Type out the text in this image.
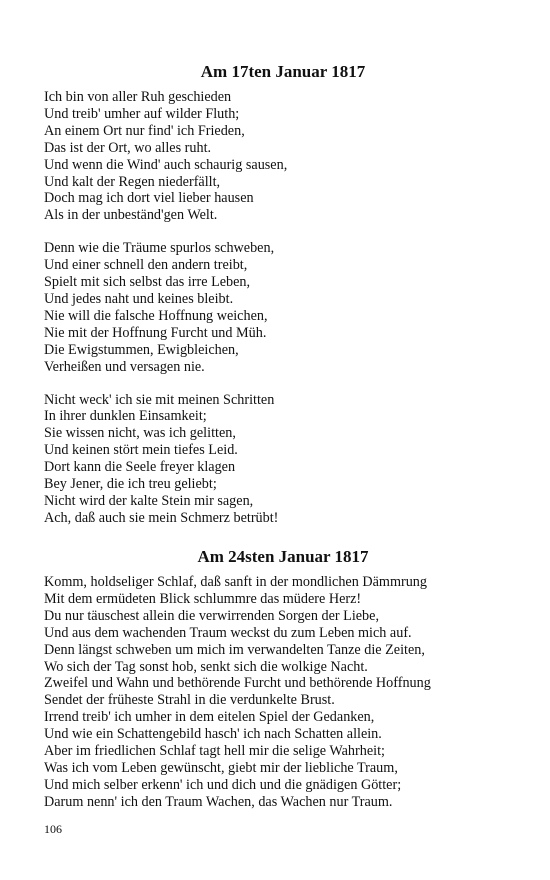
Am 17ten Januar 1817
Ich bin von aller Ruh geschieden
Und treib' umher auf wilder Fluth;
An einem Ort nur find' ich Frieden,
Das ist der Ort, wo alles ruht.
Und wenn die Wind' auch schaurig sausen,
Und kalt der Regen niederfällt,
Doch mag ich dort viel lieber hausen
Als in der unbeständ'gen Welt.
Denn wie die Träume spurlos schweben,
Und einer schnell den andern treibt,
Spielt mit sich selbst das irre Leben,
Und jedes naht und keines bleibt.
Nie will die falsche Hoffnung weichen,
Nie mit der Hoffnung Furcht und Müh.
Die Ewigstummen, Ewigbleichen,
Verheißen und versagen nie.
Nicht weck' ich sie mit meinen Schritten
In ihrer dunklen Einsamkeit;
Sie wissen nicht, was ich gelitten,
Und keinen stört mein tiefes Leid.
Dort kann die Seele freyer klagen
Bey Jener, die ich treu geliebt;
Nicht wird der kalte Stein mir sagen,
Ach, daß auch sie mein Schmerz betrübt!
Am 24sten Januar 1817
Komm, holdseliger Schlaf, daß sanft in der mondlichen Dämmrung
Mit dem ermüdeten Blick schlummre das müdere Herz!
Du nur täuschest allein die verwirrenden Sorgen der Liebe,
Und aus dem wachenden Traum weckst du zum Leben mich auf.
Denn längst schweben um mich im verwandelten Tanze die Zeiten,
Wo sich der Tag sonst hob, senkt sich die wolkige Nacht.
Zweifel und Wahn und bethörende Furcht und bethörende Hoffnung
Sendet der früheste Strahl in die verdunkelte Brust.
Irrend treib' ich umher in dem eitelen Spiel der Gedanken,
Und wie ein Schattengebild hasch' ich nach Schatten allein.
Aber im friedlichen Schlaf tagt hell mir die selige Wahrheit;
Was ich vom Leben gewünscht, giebt mir der liebliche Traum,
Und mich selber erkenn' ich und dich und die gnädigen Götter;
Darum nenn' ich den Traum Wachen, das Wachen nur Traum.
106
